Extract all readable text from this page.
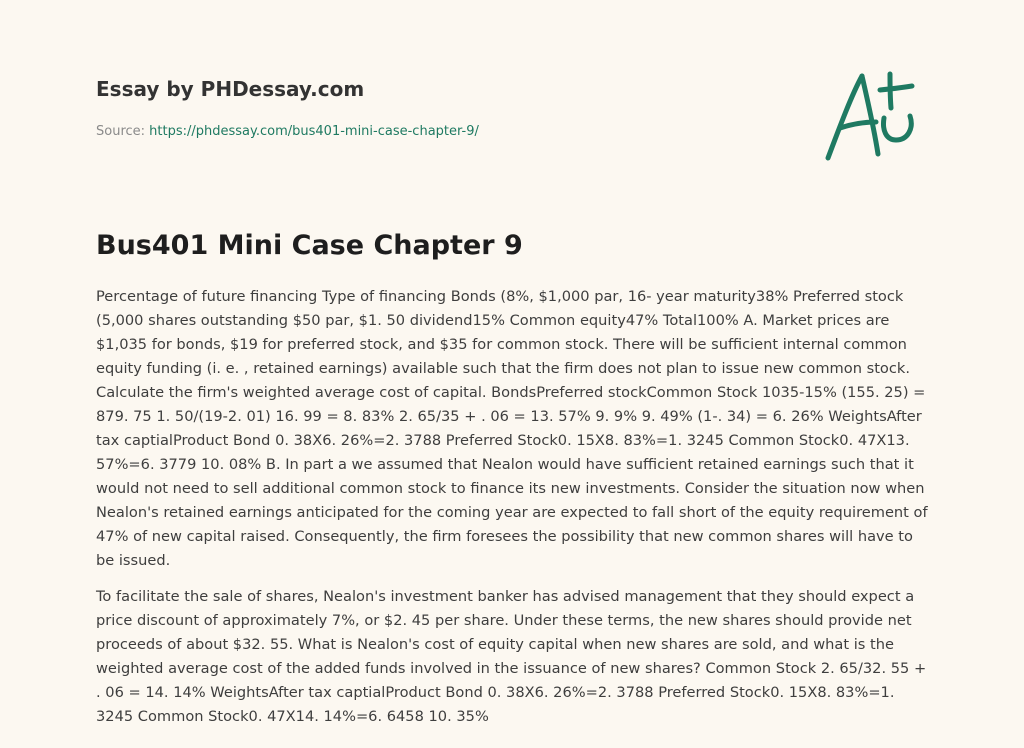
Essay by PHDessay.com
Source: https://phdessay.com/bus401-mini-case-chapter-9/
Bus401 Mini Case Chapter 9

Percentage of future financing Type of financing Bonds (8%, $1,000 par, 16- year maturity38% Preferred stock (5,000 shares outstanding $50 par, $1. 50 dividend15% Common equity47% Total100% A. Market prices are $1,035 for bonds, $19 for preferred stock, and $35 for common stock. There will be sufficient internal common equity funding (i. e. , retained earnings) available such that the firm does not plan to issue new common stock. Calculate the firm's weighted average cost of capital. BondsPreferred stockCommon Stock 1035-15% (155. 25) = 879. 75 1. 50/(19-2. 01) 16. 99 = 8. 83% 2. 65/35 + . 06 = 13. 57% 9. 9% 9. 49% (1-. 34) = 6. 26% WeightsAfter tax captialProduct Bond 0. 38X6. 26%=2. 3788 Preferred Stock0. 15X8. 83%=1. 3245 Common Stock0. 47X13. 57%=6. 3779 10. 08% B. In part a we assumed that Nealon would have sufficient retained earnings such that it would not need to sell additional common stock to finance its new investments. Consider the situation now when Nealon's retained earnings anticipated for the coming year are expected to fall short of the equity requirement of 47% of new capital raised. Consequently, the firm foresees the possibility that new common shares will have to be issued.

To facilitate the sale of shares, Nealon's investment banker has advised management that they should expect a price discount of approximately 7%, or $2. 45 per share. Under these terms, the new shares should provide net proceeds of about $32. 55. What is Nealon's cost of equity capital when new shares are sold, and what is the weighted average cost of the added funds involved in the issuance of new shares? Common Stock 2. 65/32. 55 + . 06 = 14. 14% WeightsAfter tax captialProduct Bond 0. 38X6. 26%=2. 3788 Preferred Stock0. 15X8. 83%=1. 3245 Common Stock0. 47X14. 14%=6. 6458 10. 35%
